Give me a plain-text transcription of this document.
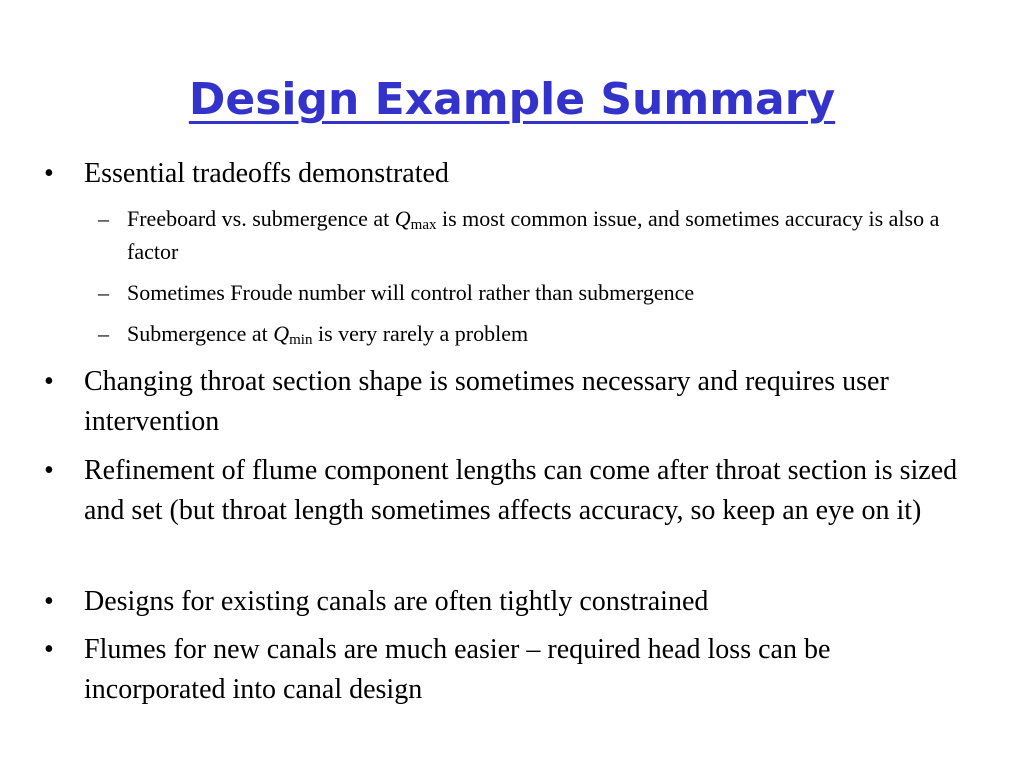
Design Example Summary
•	Essential tradeoffs demonstrated
– Freeboard vs. submergence at $Q_{max}$ is most common issue, and sometimes accuracy is also a factor
– Sometimes Froude number will control rather than submergence
– Submergence at $Q_{min}$ is very rarely a problem
•	Changing throat section shape is sometimes necessary and requires user intervention
•	Refinement of flume component lengths can come after throat section is sized and set (but throat length sometimes affects accuracy, so keep an eye on it)
•	Designs for existing canals are often tightly constrained
•	Flumes for new canals are much easier – required head loss can be incorporated into canal design
